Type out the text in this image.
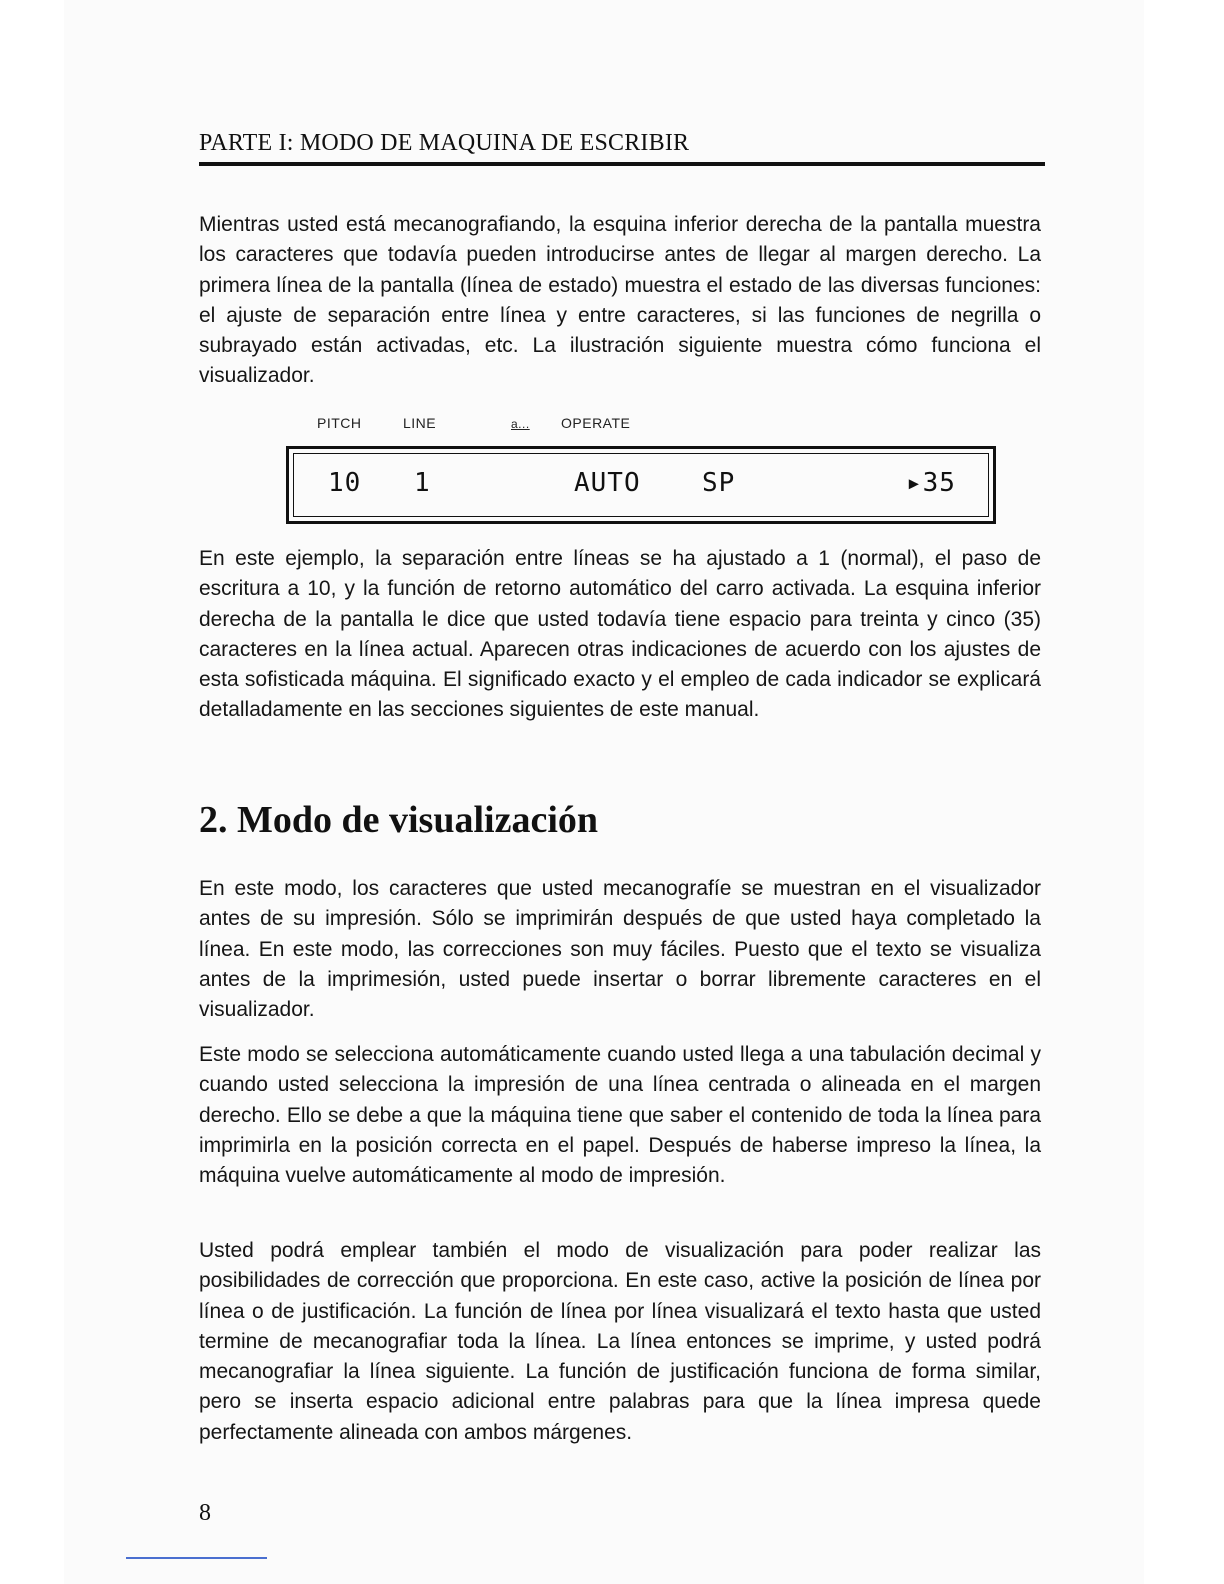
PARTE I: MODO DE MAQUINA DE ESCRIBIR

Mientras usted está mecanografiando, la esquina inferior derecha de la pantalla muestra los caracteres que todavía pueden introducirse antes de llegar al margen derecho. La primera línea de la pantalla (línea de estado) muestra el estado de las diversas funciones: el ajuste de separación entre línea y entre caracteres, si las funciones de negrilla o subrayado están activadas, etc. La ilustración siguiente muestra cómo funciona el visualizador.

PITCH	LINE	a... OPERATE
10 1	AUTO SP	▸35

En este ejemplo, la separación entre líneas se ha ajustado a 1 (normal), el paso de escritura a 10, y la función de retorno automático del carro activada. La esquina inferior derecha de la pantalla le dice que usted todavía tiene espacio para treinta y cinco (35) caracteres en la línea actual. Aparecen otras indicaciones de acuerdo con los ajustes de esta sofisticada máquina. El significado exacto y el empleo de cada indicador se explicará detalladamente en las secciones siguientes de este manual.

2. Modo de visualización

En este modo, los caracteres que usted mecanografíe se muestran en el visualizador antes de su impresión. Sólo se imprimirán después de que usted haya completado la línea. En este modo, las correcciones son muy fáciles. Puesto que el texto se visualiza antes de la imprimesión, usted puede insertar o borrar libremente caracteres en el visualizador.

Este modo se selecciona automáticamente cuando usted llega a una tabulación decimal y cuando usted selecciona la impresión de una línea centrada o alineada en el margen derecho. Ello se debe a que la máquina tiene que saber el contenido de toda la línea para imprimirla en la posición correcta en el papel. Después de haberse impreso la línea, la máquina vuelve automáticamente al modo de impresión.

Usted podrá emplear también el modo de visualización para poder realizar las posibilidades de corrección que proporciona. En este caso, active la posición de línea por línea o de justificación. La función de línea por línea visualizará el texto hasta que usted termine de mecanografiar toda la línea. La línea entonces se imprime, y usted podrá mecanografiar la línea siguiente. La función de justificación funciona de forma similar, pero se inserta espacio adicional entre palabras para que la línea impresa quede perfectamente alineada con ambos márgenes.

8
